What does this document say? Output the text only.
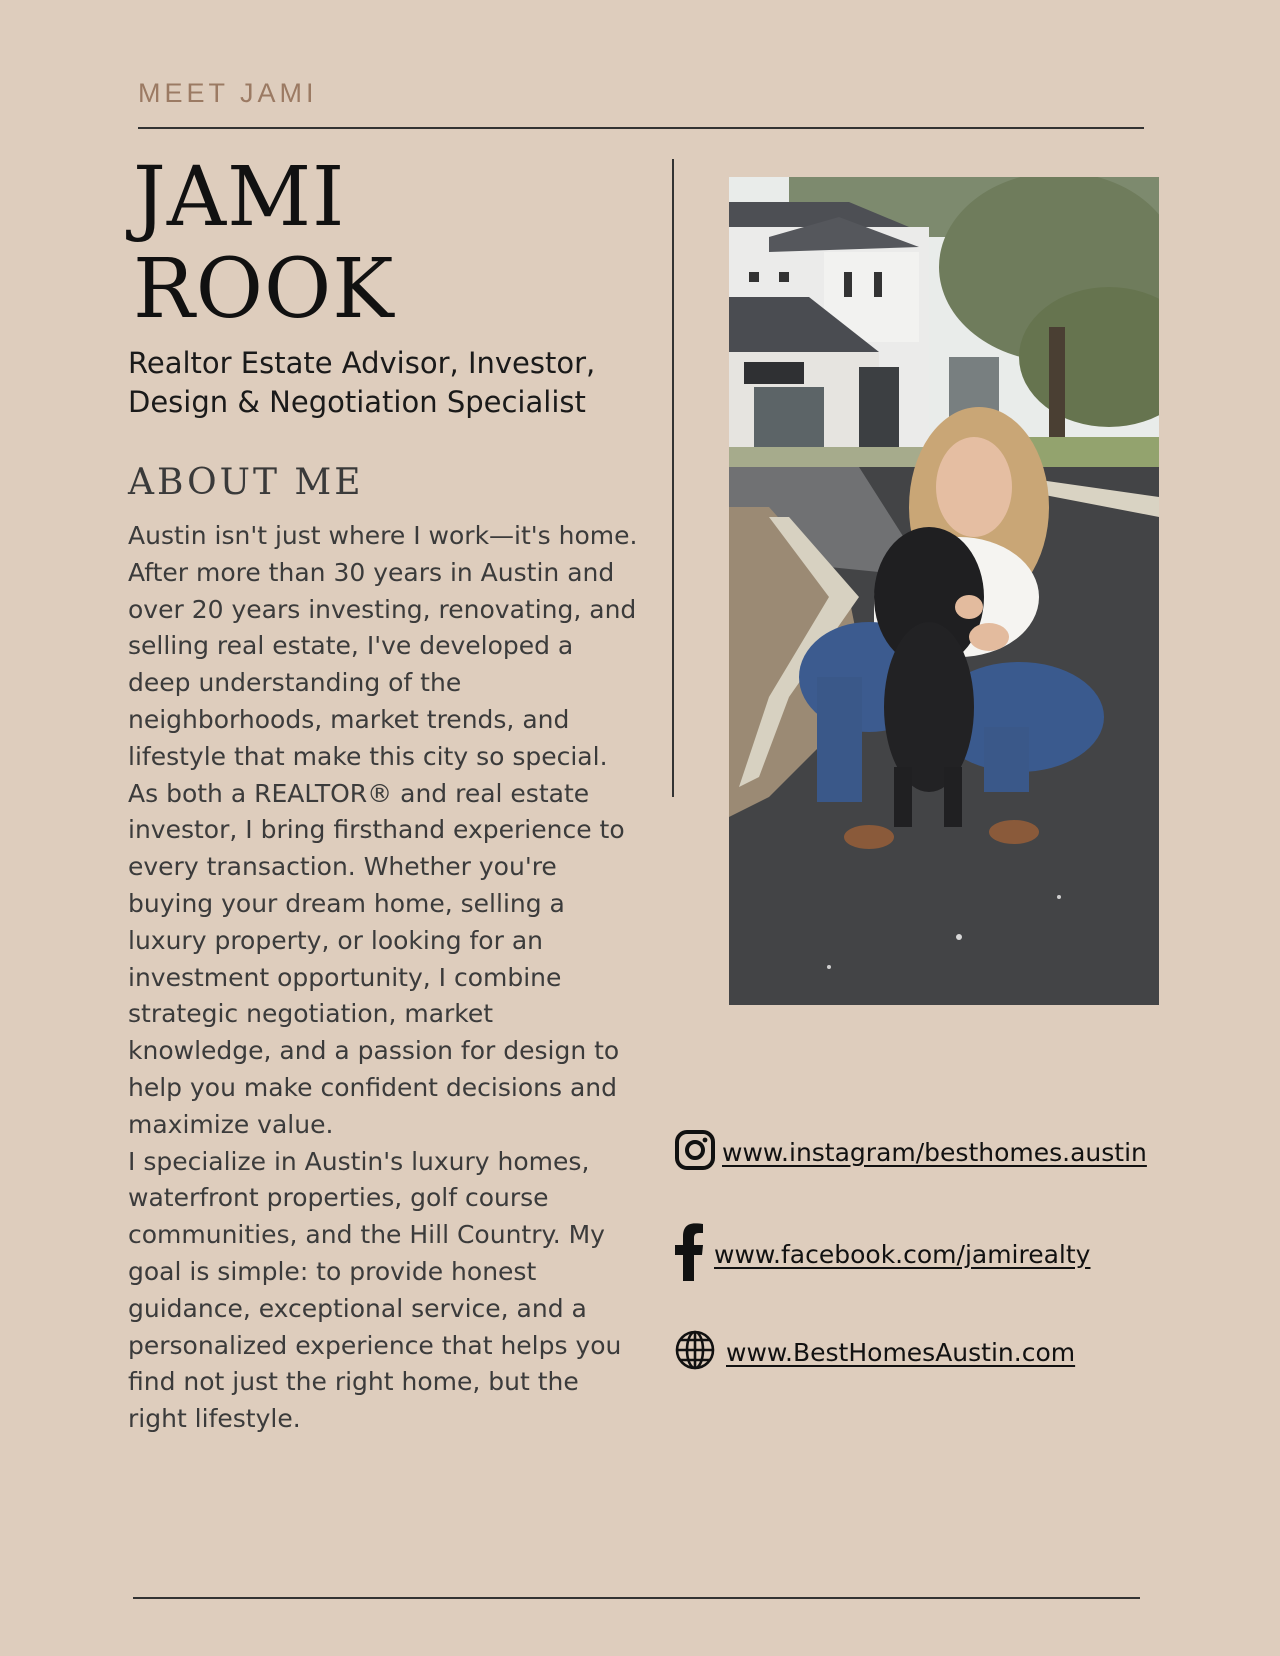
MEET JAMI
JAMI
ROOK
Realtor Estate Advisor, Investor,
Design & Negotiation Specialist
ABOUT ME

Austin isn't just where I work—it's home. After more than 30 years in Austin and over 20 years investing, renovating, and selling real estate, I've developed a deep understanding of the neighborhoods, market trends, and lifestyle that make this city so special.

As both a REALTOR® and real estate investor, I bring firsthand experience to every transaction. Whether you're buying your dream home, selling a luxury property, or looking for an investment opportunity, I combine strategic negotiation, market knowledge, and a passion for design to help you make confident decisions and maximize value.

I specialize in Austin's luxury homes, waterfront properties, golf course communities, and the Hill Country. My goal is simple: to provide honest guidance, exceptional service, and a personalized experience that helps you find not just the right home, but the right lifestyle.

www.instagram/besthomes.austin
www.facebook.com/jamirealty
www.BestHomesAustin.com
